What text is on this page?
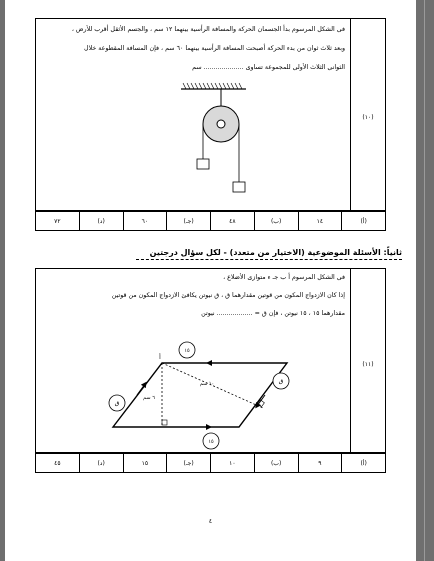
(١٠)
فى الشكل المرسوم بدأ الجسمان الحركة والمسافة الرأسية بينهما ١٢ سم ، والجسم الأثقل أقرب للأرض ،
وبعد ثلاث ثوان من بدء الحركة أصبحت المسافة الرأسية بينهما ٦٠ سم ، فإن المسافة المقطوعة خلال
الثوانى الثلاث الأولى للمجموعة تساوى .................... سم
(أ)
١٤
(ب)
٤٨
(جـ)
٦٠
(د)
٧٢
ثانياً: الأسئلة الموضوعية (الاختيار من متعدد) - لكل سؤال درجتين
(١١)
فى الشكل المرسوم أ ب جـ ء متوازى الأضلاع ،
إذا كان الازدواج المكون من قوتين مقدارهما ق ، ق نيوتن يكافئ الازدواج المكون من قوتين
مقدارهما ١٥ ، ١٥ نيوتن ، فإن ق = .................. نيوتن
١٥
١٥
ق
ق
أ
١٠ سم
٦ سم
(أ)
٩
(ب)
١٠
(جـ)
١٥
(د)
٤٥
٤
